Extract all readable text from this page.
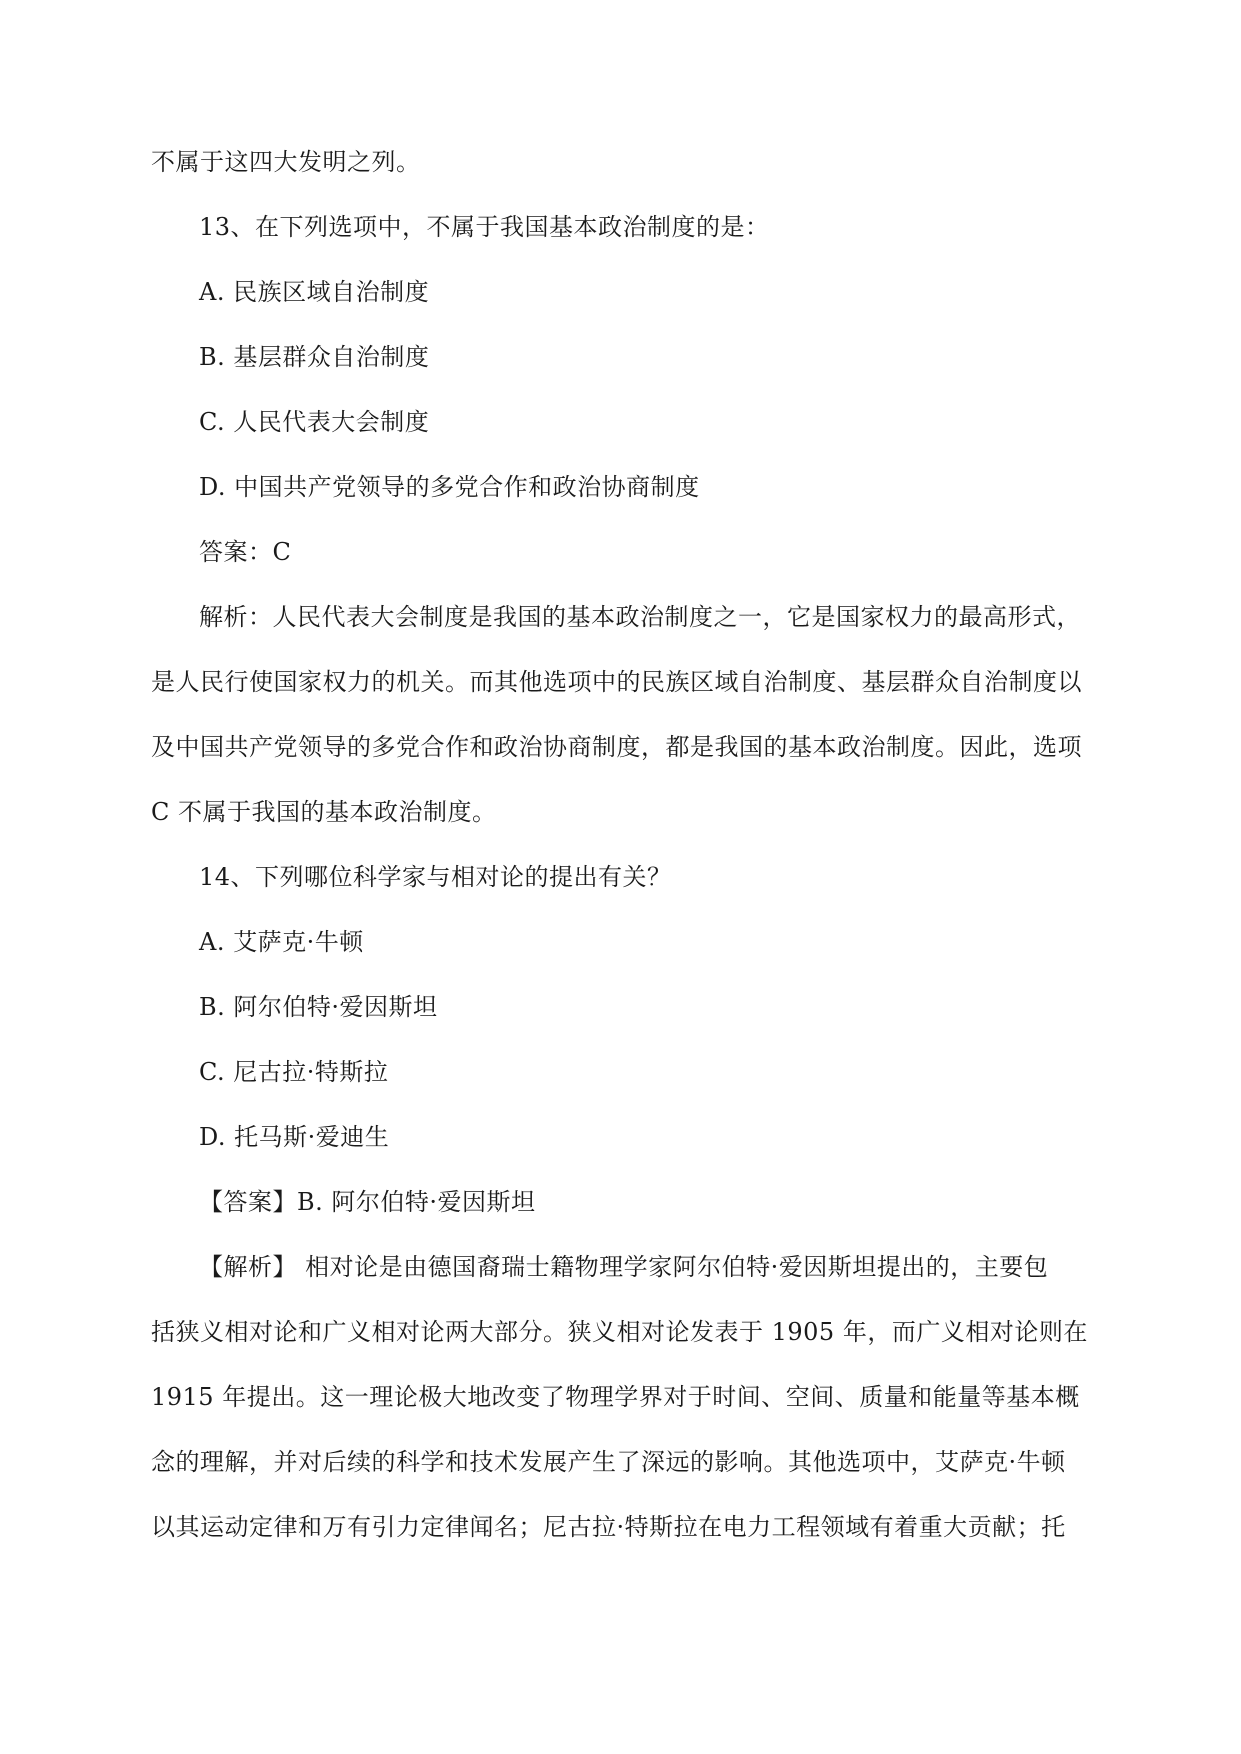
不属于这四大发明之列。
13、在下列选项中，不属于我国基本政治制度的是：
A. 民族区域自治制度
B. 基层群众自治制度
C. 人民代表大会制度
D. 中国共产党领导的多党合作和政治协商制度
答案：C
解析：人民代表大会制度是我国的基本政治制度之一，它是国家权力的最高形式，
是人民行使国家权力的机关。而其他选项中的民族区域自治制度、基层群众自治制度以
及中国共产党领导的多党合作和政治协商制度，都是我国的基本政治制度。因此，选项
C 不属于我国的基本政治制度。
14、下列哪位科学家与相对论的提出有关？
A. 艾萨克·牛顿
B. 阿尔伯特·爱因斯坦
C. 尼古拉·特斯拉
D. 托马斯·爱迪生
【答案】B. 阿尔伯特·爱因斯坦
【解析】 相对论是由德国裔瑞士籍物理学家阿尔伯特·爱因斯坦提出的，主要包
括狭义相对论和广义相对论两大部分。狭义相对论发表于 1905 年，而广义相对论则在
1915 年提出。这一理论极大地改变了物理学界对于时间、空间、质量和能量等基本概
念的理解，并对后续的科学和技术发展产生了深远的影响。其他选项中，艾萨克·牛顿
以其运动定律和万有引力定律闻名；尼古拉·特斯拉在电力工程领域有着重大贡献；托
